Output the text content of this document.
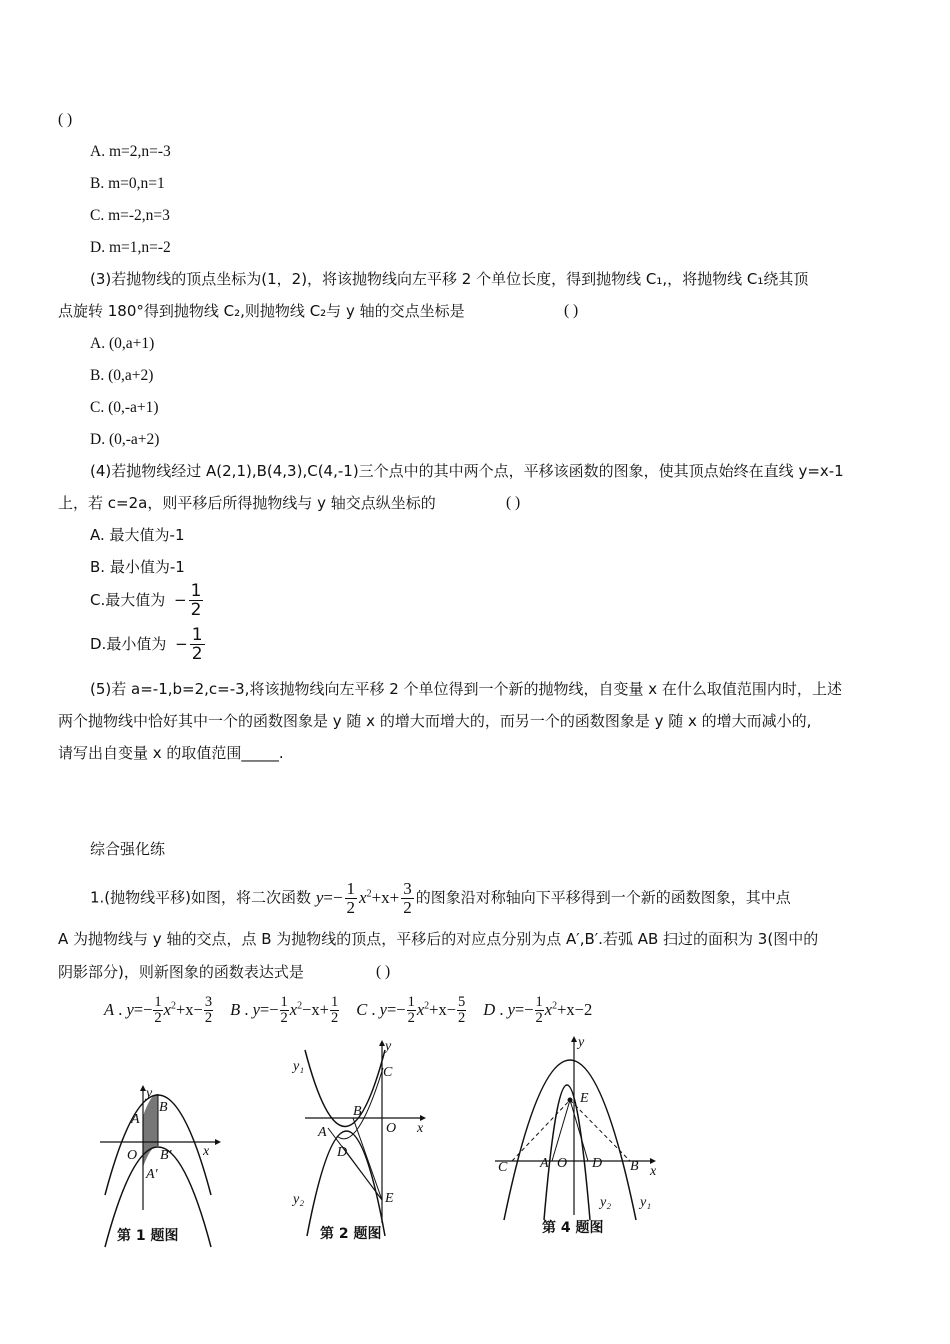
( )
A. m=2,n=-3
B. m=0,n=1
C. m=-2,n=3
D. m=1,n=-2
(3)若抛物线的顶点坐标为(1，2)，将该抛物线向左平移 2 个单位长度，得到抛物线 C₁,，将抛物线 C₁绕其顶
点旋转 180°得到抛物线 C₂,则抛物线 C₂与 y 轴的交点坐标是	( )
A. (0,a+1)
B. (0,a+2)
C. (0,-a+1)
D. (0,-a+2)
(4)若抛物线经过 A(2,1),B(4,3),C(4,-1)三个点中的其中两个点，平移该函数的图象，使其顶点始终在直线 y=x-1
上，若 c=2a，则平移后所得抛物线与 y 轴交点纵坐标的	( )
A. 最大值为-1
B. 最小值为-1
C.最大值为 − $\frac{1}{2}$
D.最小值为 − $\frac{1}{2}$
(5)若 a=-1,b=2,c=-3,将该抛物线向左平移 2 个单位得到一个新的抛物线，自变量 x 在什么取值范围内时，上述
两个抛物线中恰好其中一个的函数图象是 y 随 x 的增大而增大的，而另一个的函数图象是 y 随 x 的增大而减小的,
请写出自变量 x 的取值范围_____.
综合强化练
1.(抛物线平移)如图，将二次函数 $y=- \frac{1}{2} x^2+x+ \frac{3}{2}$ 的图象沿对称轴向下平移得到一个新的函数图象，其中点
A 为抛物线与 y 轴的交点，点 B 为抛物线的顶点，平移后的对应点分别为点 A′,B′.若弧 AB 扫过的面积为 3(图中的
阴影部分)，则新图象的函数表达式是	( )
A . $y=- \frac{1}{2} x^2+x- \frac{3}{2}$ B . $y=- \frac{1}{2} x^2-x+ \frac{1}{2}$ C . $y=- \frac{1}{2} x^2+x- \frac{5}{2}$ D . $y=- \frac{1}{2} x^2+x-2$
A
B
O B′
A′
y
x
第 1 题图
y₁
y₂
y
x
C
B
A	O
D
E
第 2 题图
y
x
E
C A O D B
y₂ y₁
第 4 题图
